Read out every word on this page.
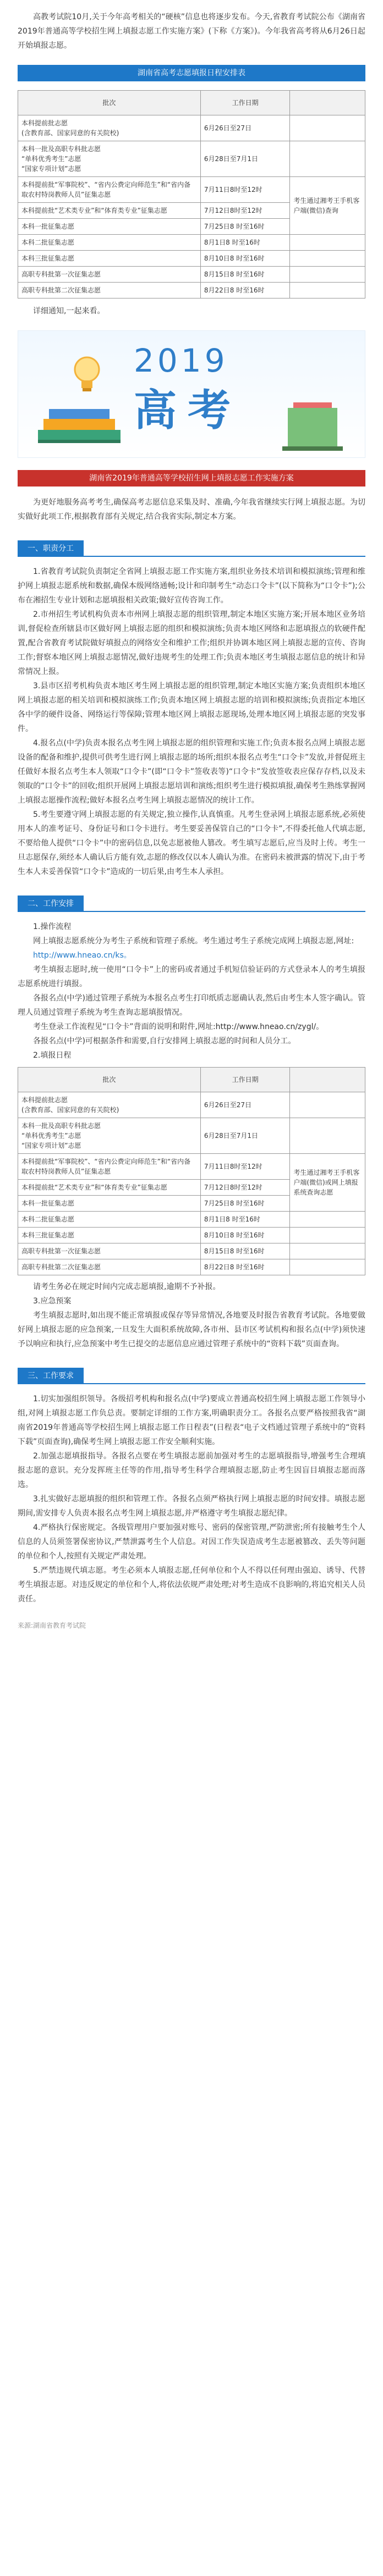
高教考试院10月,关于今年高考相关的“硬核”信息也将逐步发布。今天,省教育考试院公布《湖南省2019年普通高等学校招生网上填报志愿工作实施方案》(下称《方案》)。今年我省高考将从6月26日起开始填报志愿。

湖南省高考志愿填报日程安排表
批次	工作日期	
本科提前批志愿
(含教育部、国家同意的有关院校)	6月26日至27日	
本科一批及高职专科批志愿
“单科优秀考生”志愿
“国家专项计划”志愿	6月28日至7月1日	
本科提前批“军事院校”、“省内公费定向师范生”和“省内备取农村特岗教师人员”征集志愿	7月11日8时至12时	考生通过湘考王手机客户端(微信)查询
本科提前批“艺术类专业”和“体育类专业”征集志愿	7月12日8时至12时	
本科一批征集志愿	7月25日8 时至16时	
本科二批征集志愿	8月1日8 时至16时	
本科三批征集志愿	8月10日8 时至16时	
高职专科批第一次征集志愿	8月15日8 时至16时	
高职专科批第二次征集志愿	8月22日8 时至16时	

详细通知,一起来看。

2019
高考
湖南省2019年普通高等学校招生网上填报志愿工作实施方案

为更好地服务高考考生,确保高考志愿信息采集及时、准确,今年我省继续实行网上填报志愿。为切实做好此项工作,根据教育部有关规定,结合我省实际,制定本方案。

一、职责分工

1.省教育考试院负责制定全省网上填报志愿工作实施方案,组织业务技术培训和模拟演练;管理和维护网上填报志愿系统和数据,确保本级网络通畅;设计和印制考生“动态口令卡”(以下简称为“口令卡”);公布在湘招生专业计划和志愿填报相关政策;做好宣传咨询工作。

2.市州招生考试机构负责本市州网上填报志愿的组织管理,制定本地区实施方案;开展本地区业务培训,督促检查所辖县市区做好网上填报志愿的组织和模拟演练;负责本地区网络和志愿填报点的软硬件配置,配合省教育考试院做好填报点的网络安全和维护工作;组织并协调本地区网上填报志愿的宣传、咨询工作;督察本地区网上填报志愿情况,做好违规考生的处理工作;负责本地区考生填报志愿信息的统计和异常情况上报。

3.县市区招考机构负责本地区考生网上填报志愿的组织管理,制定本地区实施方案;负责组织本地区网上填报志愿的相关培训和模拟演练工作;负责本地区网上填报志愿的培训和模拟演练;负责指定本地区各中学的硬件设备、网络运行等保障;管理本地区网上填报志愿现场,处理本地区网上填报志愿的突发事件。

4.报名点(中学)负责本报名点考生网上填报志愿的组织管理和实施工作;负责本报名点网上填报志愿设备的配备和维护,提供可供考生进行网上填报志愿的场所;组织本报名点考生“口令卡”发放,并督促班主任做好本报名点考生本人领取“口令卡”(即“口令卡”签收表等)“口令卡”发放签收表应保存存档,以及未领取的“口令卡”的回收;组织开展网上填报志愿培训和演练;组织考生进行模拟填报,确保考生熟练掌握网上填报志愿操作流程;做好本报名点考生网上填报志愿情况的统计工作。

5.考生要遵守网上填报志愿的有关规定,独立操作,认真慎重。凡考生登录网上填报志愿系统,必须使用本人的准考证号、身份证号和口令卡进行。考生要妥善保管自己的“口令卡”,不得委托他人代填志愿,不要给他人提供“口令卡”中的密码信息,以免志愿被他人篡改。考生填写志愿后,应当及时上传。考生一旦志愿保存,须经本人确认后方能有效,志愿的修改仅以本人确认为准。在密码未被泄露的情况下,由于考生本人未妥善保管“口令卡”造成的一切后果,由考生本人承担。

二、工作安排

1.操作流程

网上填报志愿系统分为考生子系统和管理子系统。考生通过考生子系统完成网上填报志愿,网址:

http://www.hneao.cn/ks。

考生填报志愿时,统一使用“口令卡”上的密码或者通过手机短信验证码的方式登录本人的考生填报志愿系统进行填报。

各报名点(中学)通过管理子系统为本报名点考生打印纸质志愿确认表,然后由考生本人签字确认。管理人员通过管理子系统为考生查询志愿填报情况。

考生登录工作流程见“口令卡”背面的说明和附件,网址:http://www.hneao.cn/zygl/。

各报名点(中学)可根据条件和需要,自行安排网上填报志愿的时间和人员分工。

2.填报日程

批次	工作日期	
本科提前批志愿
(含教育部、国家同意的有关院校)	6月26日至27日	
本科一批及高职专科批志愿
“单科优秀考生”志愿
“国家专项计划”志愿	6月28日至7月1日	
本科提前批“军事院校”、“省内公费定向师范生”和“省内备取农村特岗教师人员”征集志愿	7月11日8时至12时	考生通过湘考王手机客户端(微信)或网上填报系统查询志愿
本科提前批“艺术类专业”和“体育类专业”征集志愿	7月12日8时至12时	
本科一批征集志愿	7月25日8 时至16时	
本科二批征集志愿	8月1日8 时至16时	
本科三批征集志愿	8月10日8 时至16时	
高职专科批第一次征集志愿	8月15日8 时至16时	
高职专科批第二次征集志愿	8月22日8 时至16时	

请考生务必在规定时间内完成志愿填报,逾期不予补报。

3.应急预案

考生填报志愿时,如出现不能正常填报或保存等异常情况,各地要及时报告省教育考试院。各地要做好网上填报志愿的应急预案,一旦发生大面积系统故障,各市州、县市区考试机构和报名点(中学)须快速予以响应和执行,应急预案中考生已提交的志愿信息应通过管理子系统中的“资料下载”页面查询。

三、工作要求

1.切实加强组织领导。各级招考机构和报名点(中学)要成立普通高校招生网上填报志愿工作领导小组,对网上填报志愿工作负总责。要制定详细的工作方案,明确职责分工。各报名点要严格按照我省“湖南省2019年普通高等学校招生网上填报志愿工作日程表”(日程表“电子文档通过管理子系统中的“资料下载”页面查询),确保考生网上填报志愿工作安全顺利实施。

2.加强志愿填报指导。各报名点要在考生填报志愿前加强对考生的志愿填报指导,增强考生合理填报志愿的意识。充分发挥班主任等的作用,指导考生科学合理填报志愿,防止考生因盲目填报志愿而落选。

3.扎实做好志愿填报的组织和管理工作。各报名点须严格执行网上填报志愿的时间安排。填报志愿期间,需安排专人负责本报名点考生网上填报志愿,并严格遵守考生填报志愿纪律。

4.严格执行保密规定。各级管理用户要加强对账号、密码的保密管理,严防泄密;所有接触考生个人信息的人员须签署保密协议,严禁泄露考生个人信息。对因工作失误造成考生志愿被篡改、丢失等问题的单位和个人,按照有关规定严肃处理。

5.严禁违规代填志愿。考生必须本人填报志愿,任何单位和个人不得以任何理由强迫、诱导、代替考生填报志愿。对违反规定的单位和个人,将依法依规严肃处理;对考生造成不良影响的,将追究相关人员责任。

来源:湖南省教育考试院
